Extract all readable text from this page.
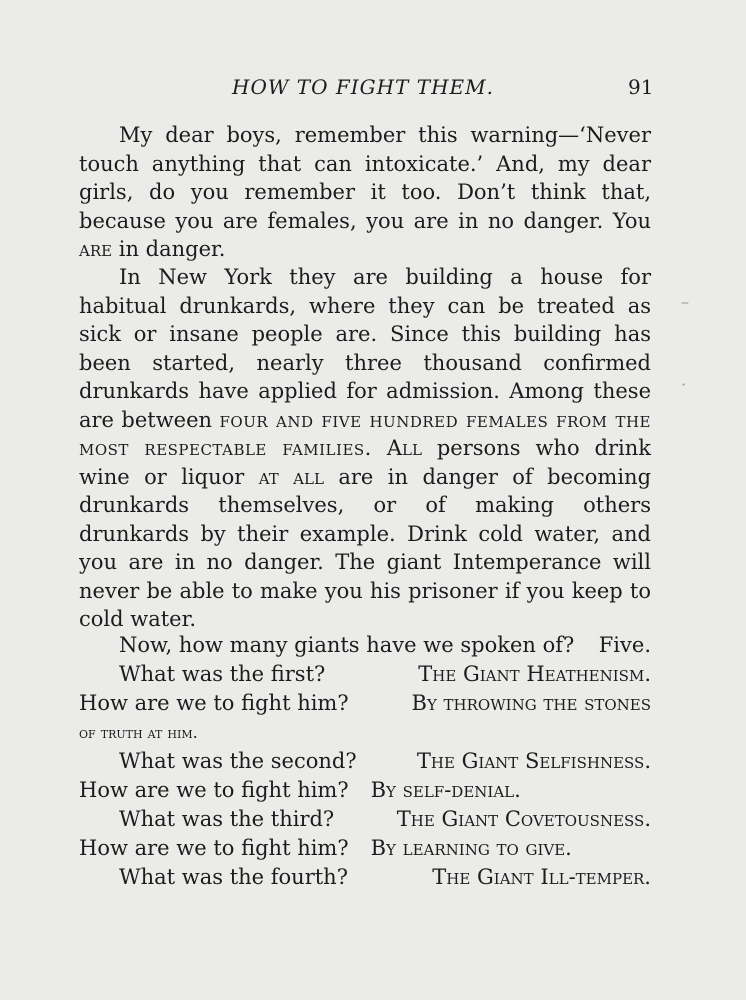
HOW TO FIGHT THEM.	91

My dear boys, remember this warning—‘Never touch anything that can intoxicate.’ And, my dear girls, do you remember it too. Don’t think that, because you are females, you are in no danger. You are in danger.

In New York they are building a house for habitual drunkards, where they can be treated as sick or insane people are. Since this building has been started, nearly three thousand confirmed drunkards have applied for admission. Among these are between four and five hundred females from the most respectable families. All persons who drink wine or liquor at all are in danger of becoming drunkards themselves, or of making others drunkards by their example. Drink cold water, and you are in no danger. The giant Intemperance will never be able to make you his prisoner if you keep to cold water.

Now, how many giants have we spoken of? Five.
What was the first?	The Giant Heathenism.
How are we to fight him?	By throwing the stones
of truth at him.
What was the second?	The Giant Selfishness.
How are we to fight him? By self-denial.
What was the third?	The Giant Covetousness.
How are we to fight him? By learning to give.
What was the fourth?	The Giant Ill-temper.
–
·
